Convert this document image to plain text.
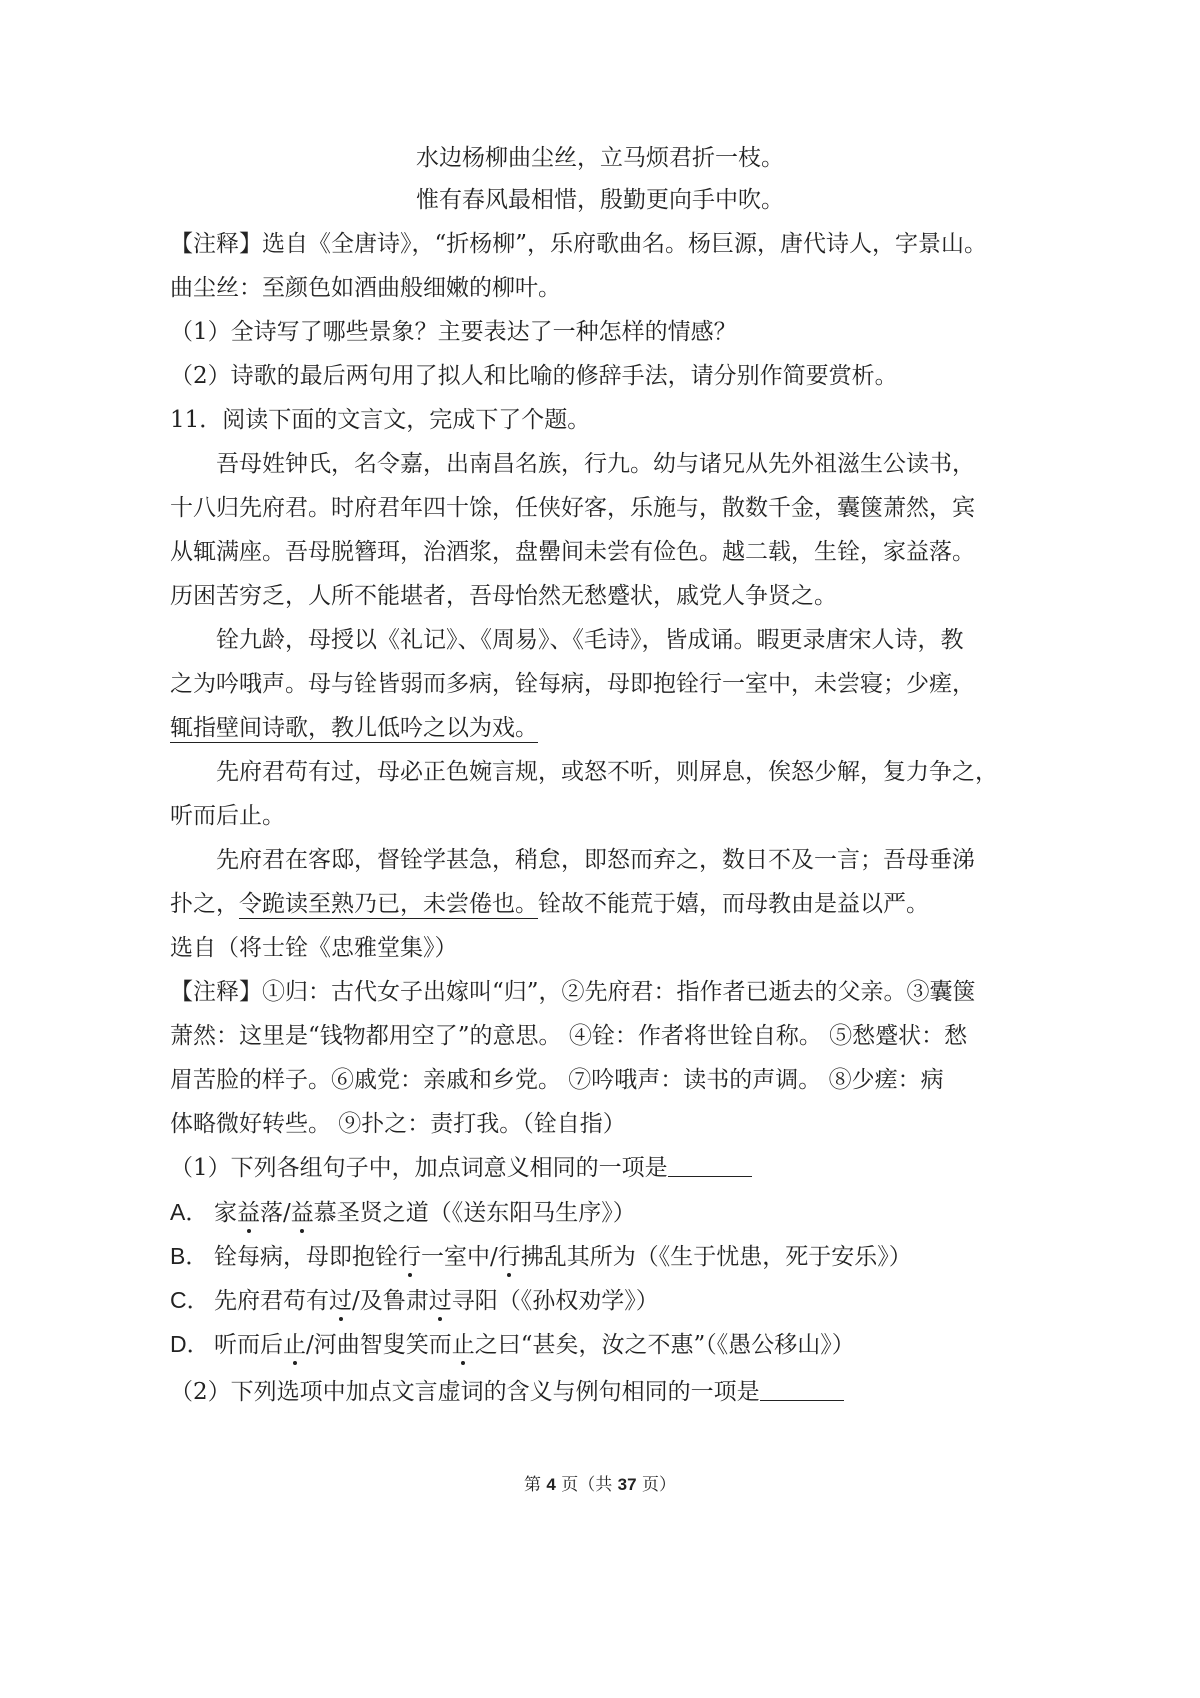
水边杨柳曲尘丝，立马烦君折一枝。
惟有春风最相惜，殷勤更向手中吹。
【注释】选自《全唐诗》，“折杨柳”，乐府歌曲名。杨巨源，唐代诗人，字景山。
曲尘丝：至颜色如酒曲般细嫩的柳叶。
（1）全诗写了哪些景象？主要表达了一种怎样的情感？
（2）诗歌的最后两句用了拟人和比喻的修辞手法，请分别作简要赏析。
11．阅读下面的文言文，完成下了个题。
吾母姓钟氏，名令嘉，出南昌名族，行九。幼与诸兄从先外祖滋生公读书，
十八归先府君。时府君年四十馀，任侠好客，乐施与，散数千金，囊箧萧然，宾
从辄满座。吾母脱簪珥，治酒浆，盘罍间未尝有俭色。越二载，生铨，家益落。
历困苦穷乏，人所不能堪者，吾母怡然无愁蹙状，戚党人争贤之。
铨九龄，母授以《礼记》、《周易》、《毛诗》，皆成诵。暇更录唐宋人诗，教
之为吟哦声。母与铨皆弱而多病，铨每病，母即抱铨行一室中，未尝寝；少瘥，
辄指壁间诗歌，教儿低吟之以为戏。
先府君苟有过，母必正色婉言规，或怒不听，则屏息，俟怒少解，复力争之，
听而后止。
先府君在客邸，督铨学甚急，稍怠，即怒而弃之，数日不及一言；吾母垂涕
扑之，令跪读至熟乃已，未尝倦也。铨故不能荒于嬉，而母教由是益以严。
选自（将士铨《忠雅堂集》）
【注释】①归：古代女子出嫁叫“归”，②先府君：指作者已逝去的父亲。③囊箧
萧然：这里是“钱物都用空了”的意思。 ④铨：作者将世铨自称。 ⑤愁蹙状：愁
眉苦脸的样子。⑥戚党：亲戚和乡党。 ⑦吟哦声：读书的声调。 ⑧少瘥：病
体略微好转些。 ⑨扑之：责打我。（铨自指）
（1）下列各组句子中，加点词意义相同的一项是
A． 家益落/益慕圣贤之道（《送东阳马生序》）
B． 铨每病，母即抱铨行一室中/行拂乱其所为（《生于忧患，死于安乐》）
C． 先府君苟有过/及鲁肃过寻阳（《孙权劝学》）
D． 听而后止/河曲智叟笑而止之曰“甚矣，汝之不惠”（《愚公移山》）
（2）下列选项中加点文言虚词的含义与例句相同的一项是
第 4 页（共 37 页）
